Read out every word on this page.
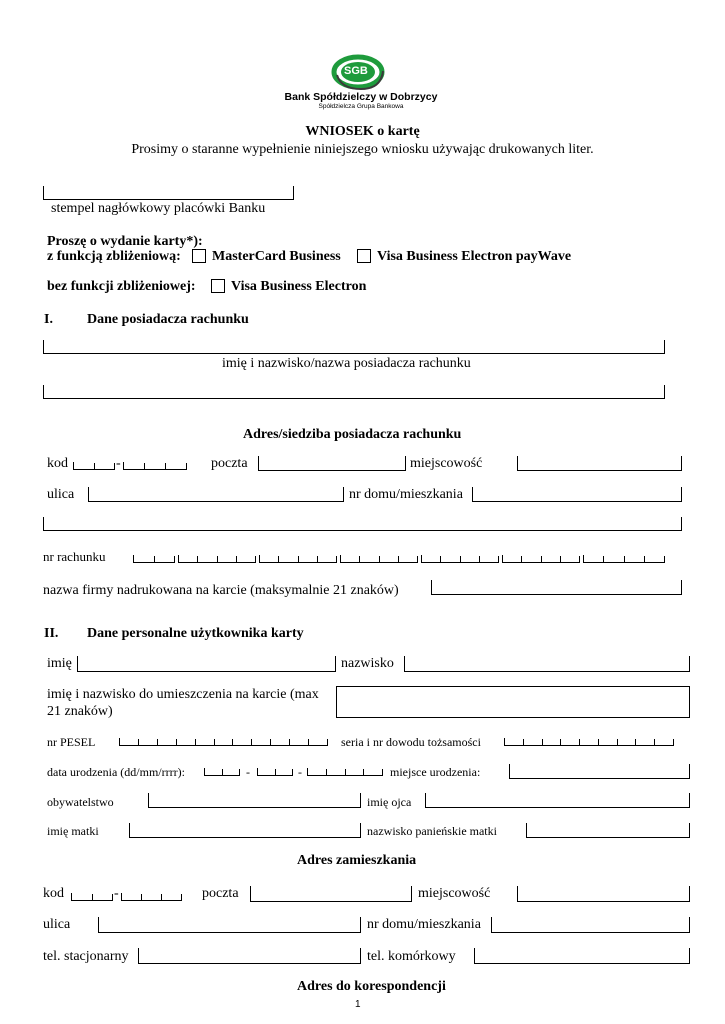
SGB
Bank Spółdzielczy w Dobrzycy
Spółdzielcza Grupa Bankowa
WNIOSEK o kartę
Prosimy o staranne wypełnienie niniejszego wniosku używając drukowanych liter.
stempel nagłówkowy placówki Banku
Proszę o wydanie karty*):
z funkcją zbliżeniową: MasterCard Business	Visa Business Electron payWave
bez funkcji zbliżeniowej:	Visa Business Electron
I. Dane posiadacza rachunku
imię i nazwisko/nazwa posiadacza rachunku
Adres/siedziba posiadacza rachunku
kod	-	poczta	miejscowość
ulica	nr domu/mieszkania
nr rachunku
nazwa firmy nadrukowana na karcie (maksymalnie 21 znaków)
II. Dane personalne użytkownika karty
imię	nazwisko
imię i nazwisko do umieszczenia na karcie (max
21 znaków)
nr PESEL	seria i nr dowodu tożsamości
data urodzenia (dd/mm/rrrr):	-	-	miejsce urodzenia:
obywatelstwo	imię ojca
imię matki	nazwisko panieńskie matki
Adres zamieszkania
kod	-	poczta	miejscowość
ulica	nr domu/mieszkania
tel. stacjonarny	tel. komórkowy
Adres do korespondencji
1
